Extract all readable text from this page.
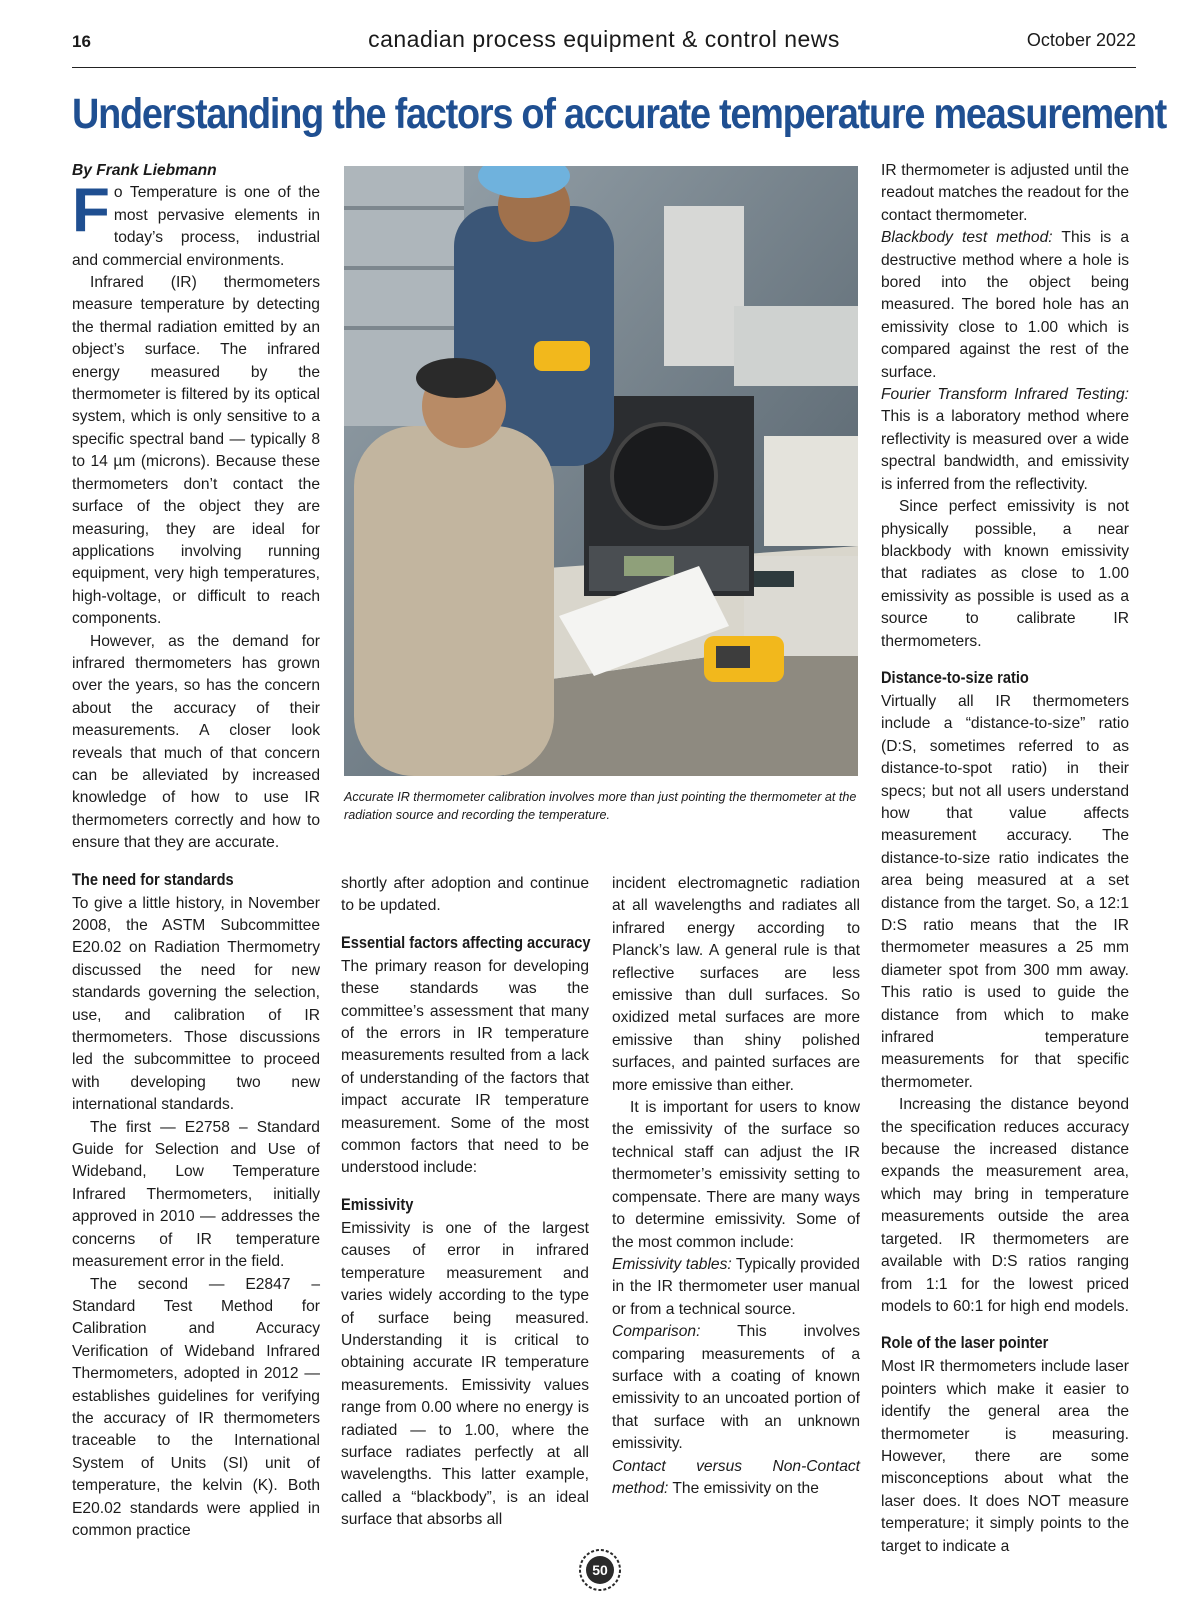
16	canadian process equipment & control news	October 2022
Understanding the factors of accurate temperature measurement

By Frank Liebmann

Fo Temperature is one of the most pervasive elements in today’s process, industrial and commercial environments.

Infrared (IR) thermometers measure temperature by detecting the thermal radiation emitted by an object’s surface. The infrared energy measured by the thermometer is filtered by its optical system, which is only sensitive to a specific spectral band — typically 8 to 14 µm (microns). Because these thermometers don’t contact the surface of the object they are measuring, they are ideal for applications involving running equipment, very high temperatures, high-voltage, or difficult to reach components.

However, as the demand for infrared thermometers has grown over the years, so has the concern about the accuracy of their measurements. A closer look reveals that much of that concern can be alleviated by increased knowledge of how to use IR thermometers correctly and how to ensure that they are accurate.

The need for standards

To give a little history, in November 2008, the ASTM Subcommittee E20.02 on Radiation Thermometry discussed the need for new standards governing the selection, use, and calibration of IR thermometers. Those discussions led the subcommittee to proceed with developing two new international standards.

The first — E2758 – Standard Guide for Selection and Use of Wideband, Low Temperature Infrared Thermometers, initially approved in 2010 — addresses the concerns of IR temperature measurement error in the field.

The second — E2847 – Standard Test Method for Calibration and Accuracy Verification of Wideband Infrared Thermometers, adopted in 2012 — establishes guidelines for verifying the accuracy of IR thermometers traceable to the International System of Units (SI) unit of temperature, the kelvin (K). Both E20.02 standards were applied in common practice

Accurate IR thermometer calibration involves more than just pointing the thermometer at the radiation source and recording the temperature.

shortly after adoption and continue to be updated.

Essential factors affecting accuracy

The primary reason for developing these standards was the committee’s assessment that many of the errors in IR temperature measurements resulted from a lack of understanding of the factors that impact accurate IR temperature measurement. Some of the most common factors that need to be understood include:

Emissivity

Emissivity is one of the largest causes of error in infrared temperature measurement and varies widely according to the type of surface being measured. Understanding it is critical to obtaining accurate IR temperature measurements. Emissivity values range from 0.00 where no energy is radiated — to 1.00, where the surface radiates perfectly at all wavelengths. This latter example, called a “blackbody”, is an ideal surface that absorbs all

incident electromagnetic radiation at all wavelengths and radiates all infrared energy according to Planck’s law. A general rule is that reflective surfaces are less emissive than dull surfaces. So oxidized metal surfaces are more emissive than shiny polished surfaces, and painted surfaces are more emissive than either.

It is important for users to know the emissivity of the surface so technical staff can adjust the IR thermometer’s emissivity setting to compensate. There are many ways to determine emissivity. Some of the most common include:

Emissivity tables: Typically provided in the IR thermometer user manual or from a technical source.

Comparison: This involves comparing measurements of a surface with a coating of known emissivity to an uncoated portion of that surface with an unknown emissivity.

Contact versus Non-Contact method: The emissivity on the

IR thermometer is adjusted until the readout matches the readout for the contact thermometer.

Blackbody test method: This is a destructive method where a hole is bored into the object being measured. The bored hole has an emissivity close to 1.00 which is compared against the rest of the surface.

Fourier Transform Infrared Testing: This is a laboratory method where reflectivity is measured over a wide spectral bandwidth, and emissivity is inferred from the reflectivity.

Since perfect emissivity is not physically possible, a near blackbody with known emissivity that radiates as close to 1.00 emissivity as possible is used as a source to calibrate IR thermometers.

Distance-to-size ratio

Virtually all IR thermometers include a “distance-to-size” ratio (D:S, sometimes referred to as distance-to-spot ratio) in their specs; but not all users understand how that value affects measurement accuracy. The distance-to-size ratio indicates the area being measured at a set distance from the target. So, a 12:1 D:S ratio means that the IR thermometer measures a 25 mm diameter spot from 300 mm away. This ratio is used to guide the distance from which to make infrared temperature measurements for that specific thermometer.

Increasing the distance beyond the specification reduces accuracy because the increased distance expands the measurement area, which may bring in temperature measurements outside the area targeted. IR thermometers are available with D:S ratios ranging from 1:1 for the lowest priced models to 60:1 for high end models.

Role of the laser pointer

Most IR thermometers include laser pointers which make it easier to identify the general area the thermometer is measuring. However, there are some misconceptions about what the laser does. It does NOT measure temperature; it simply points to the target to indicate a

50
